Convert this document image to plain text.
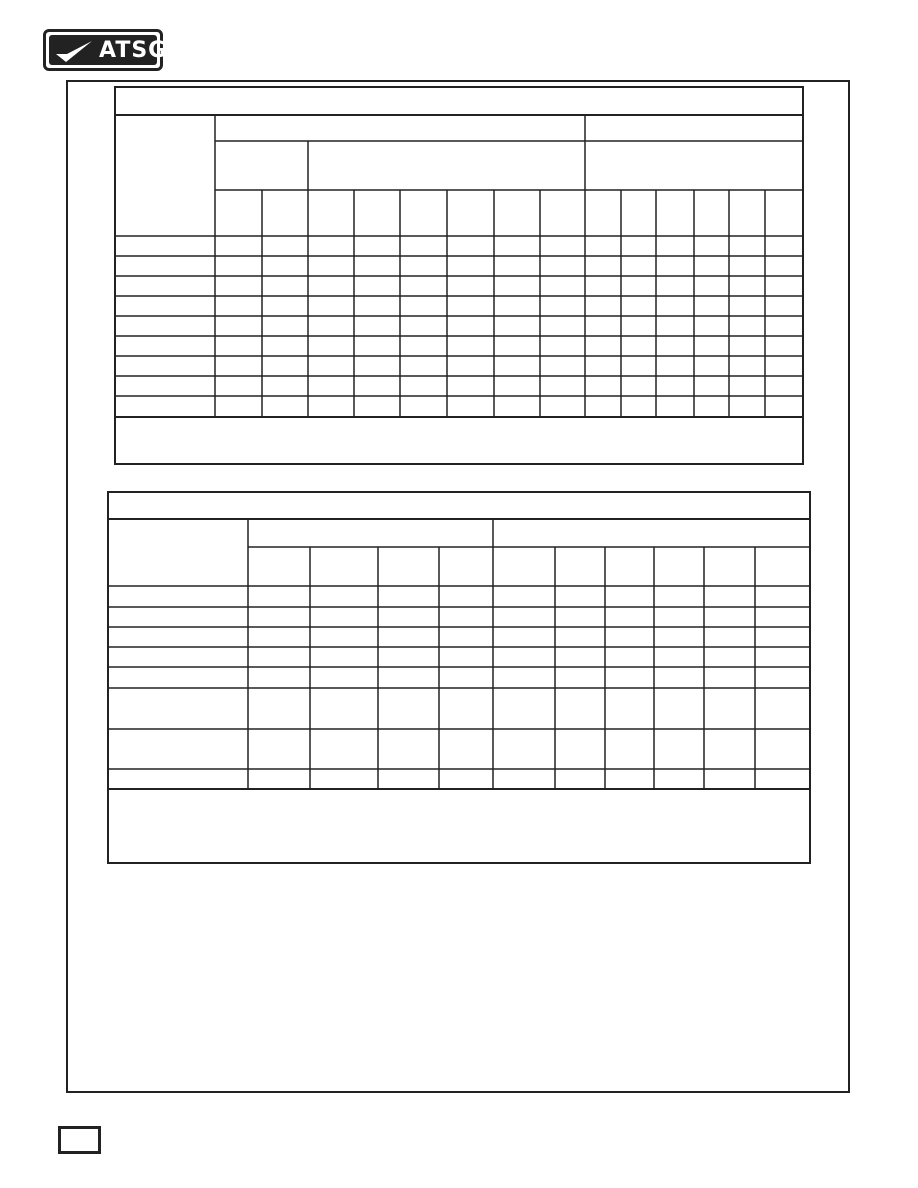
ATSG
